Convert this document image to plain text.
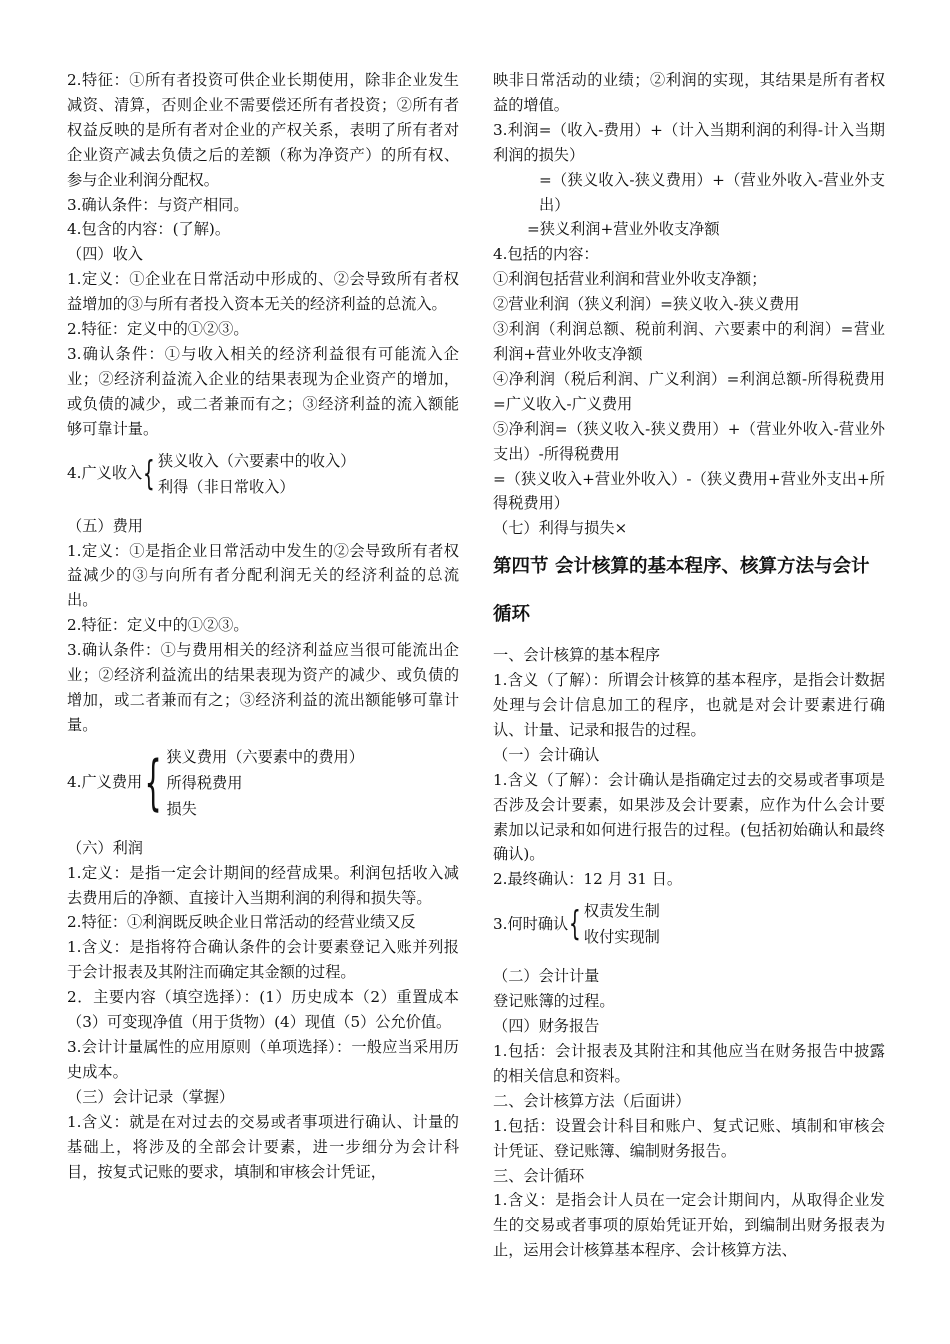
2.特征：①所有者投资可供企业长期使用，除非企业发生减资、清算，否则企业不需要偿还所有者投资；②所有者权益反映的是所有者对企业的产权关系，表明了所有者对企业资产减去负债之后的差额（称为净资产）的所有权、参与企业利润分配权。

3.确认条件：与资产相同。

4.包含的内容：(了解)。

（四）收入

1.定义：①企业在日常活动中形成的、②会导致所有者权益增加的③与所有者投入资本无关的经济利益的总流入。

2.特征：定义中的①②③。

3.确认条件：①与收入相关的经济利益很有可能流入企业；②经济利益流入企业的结果表现为企业资产的增加，或负债的减少，或二者兼而有之；③经济利益的流入额能够可靠计量。

4.广义收入 { 狭义收入（六要素中的收入）
利得（非日常收入）

（五）费用

1.定义：①是指企业日常活动中发生的②会导致所有者权益减少的③与向所有者分配利润无关的经济利益的总流出。

2.特征：定义中的①②③。

3.确认条件：①与费用相关的经济利益应当很可能流出企业；②经济利益流出的结果表现为资产的减少、或负债的增加，或二者兼而有之；③经济利益的流出额能够可靠计量。

4.广义费用 { 狭义费用（六要素中的费用）
所得税费用
损失

（六）利润

1.定义：是指一定会计期间的经营成果。利润包括收入减去费用后的净额、直接计入当期利润的利得和损失等。

2.特征：①利润既反映企业日常活动的经营业绩又反

1.含义：是指将符合确认条件的会计要素登记入账并列报于会计报表及其附注而确定其金额的过程。

2．主要内容（填空选择）：(1）历史成本（2）重置成本（3）可变现净值（用于货物）(4）现值（5）公允价值。

3.会计计量属性的应用原则（单项选择）：一般应当采用历史成本。

（三）会计记录（掌握）

1.含义：就是在对过去的交易或者事项进行确认、计量的基础上，将涉及的全部会计要素，进一步细分为会计科目，按复式记账的要求，填制和审核会计凭证，

映非日常活动的业绩；②利润的实现，其结果是所有者权益的增值。

3.利润=（收入-费用）+（计入当期利润的利得-计入当期利润的损失）

=（狭义收入-狭义费用）+（营业外收入-营业外支出）

=狭义利润+营业外收支净额

4.包括的内容：

①利润包括营业利润和营业外收支净额；

②营业利润（狭义利润）=狭义收入-狭义费用

③利润（利润总额、税前利润、六要素中的利润）=营业利润+营业外收支净额

④净利润（税后利润、广义利润）=利润总额-所得税费用=广义收入-广义费用

⑤净利润=（狭义收入-狭义费用）+（营业外收入-营业外支出）-所得税费用

=（狭义收入+营业外收入）-（狭义费用+营业外支出+所得税费用）

（七）利得与损失×

第四节 会计核算的基本程序、核算方法与会计循环

一、会计核算的基本程序

1.含义（了解）：所谓会计核算的基本程序，是指会计数据处理与会计信息加工的程序，也就是对会计要素进行确认、计量、记录和报告的过程。

（一）会计确认

1.含义（了解）：会计确认是指确定过去的交易或者事项是否涉及会计要素，如果涉及会计要素，应作为什么会计要素加以记录和如何进行报告的过程。(包括初始确认和最终确认)。

2.最终确认：12 月 31 日。

3.何时确认 { 权责发生制
收付实现制

（二）会计计量

登记账簿的过程。

（四）财务报告

1.包括：会计报表及其附注和其他应当在财务报告中披露的相关信息和资料。

二、会计核算方法（后面讲）

1.包括：设置会计科目和账户、复式记账、填制和审核会计凭证、登记账簿、编制财务报告。

三、会计循环

1.含义：是指会计人员在一定会计期间内，从取得企业发生的交易或者事项的原始凭证开始，到编制出财务报表为止，运用会计核算基本程序、会计核算方法、
